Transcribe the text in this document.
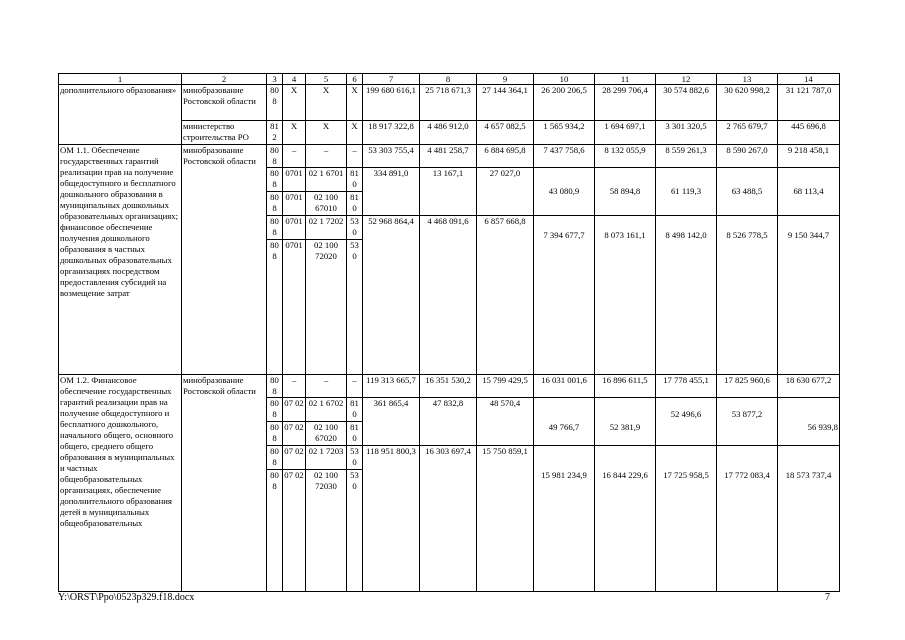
1	2	3	4	5	6	7	8	9	10	11	12	13	14
дополнительного образования»	минобразование Ростовской области	808	Х	Х	Х	199 680 616,1	25 718 671,3	27 144 364,1	26 200 206,5	28 299 706,4	30 574 882,6	30 620 998,2	31 121 787,0
	министерство строительства РО	812	Х	Х	Х	18 917 322,8	4 486 912,0	4 657 082,5	1 565 934,2	1 694 697,1	3 301 320,5	2 765 679,7	445 696,8
ОМ 1.1. Обеспечение государственных гарантий реализации прав на получение общедоступного и бесплатного дошкольного образования в муниципальных дошкольных образовательных организациях; финансовое обеспечение получения дошкольного образования в частных дошкольных образовательных организациях посредством предоставления субсидий на возмещение затрат	минобразование Ростовской области	808	–	–	–	53 303 755,4	4 481 258,7	6 884 695,8	7 437 758,6	8 132 055,9	8 559 261,3	8 590 267,0	9 218 458,1
		808	0701	02 1 6701	810	334 891,0	13 167,1	27 027,0	43 080,9	58 894,8	61 119,3	63 488,5	68 113,4
		808	0701	02 100 67010	810								
		808	0701	02 1 7202	530	52 968 864,4	4 468 091,6	6 857 668,8	7 394 677,7	8 073 161,1	8 498 142,0	8 526 778,5	9 150 344,7
		808	0701	02 100 72020	530								
ОМ 1.2. Финансовое обеспечение государственных гарантий реализации прав на получение общедоступного и бесплатного дошкольного, начального общего, основного общего, среднего общего образования в муниципальных и частных общеобразовательных организациях, обеспечение дополнительного образования детей в муниципальных общеобразовательных	минобразование Ростовской области	808	–	–	–	119 313 665,7	16 351 530,2	15 799 429,5	16 031 001,6	16 896 611,5	17 778 455,1	17 825 960,6	18 630 677,2
		808	07 02	02 1 6702	810	361 865,4	47 832,8	48 570,4	49 766,7	52 381,9	52 496,6	53 877,2	56 939,8
		808	07 02	02 100 67020	810								
		808	07 02	02 1 7203	530	118 951 800,3	16 303 697,4	15 750 859,1	15 981 234,9	16 844 229,6	17 725 958,5	17 772 083,4	18 573 737,4
		808	07 02	02 100 72030	530								
Y:\ORST\Ppo\0523p329.f18.docx	7
